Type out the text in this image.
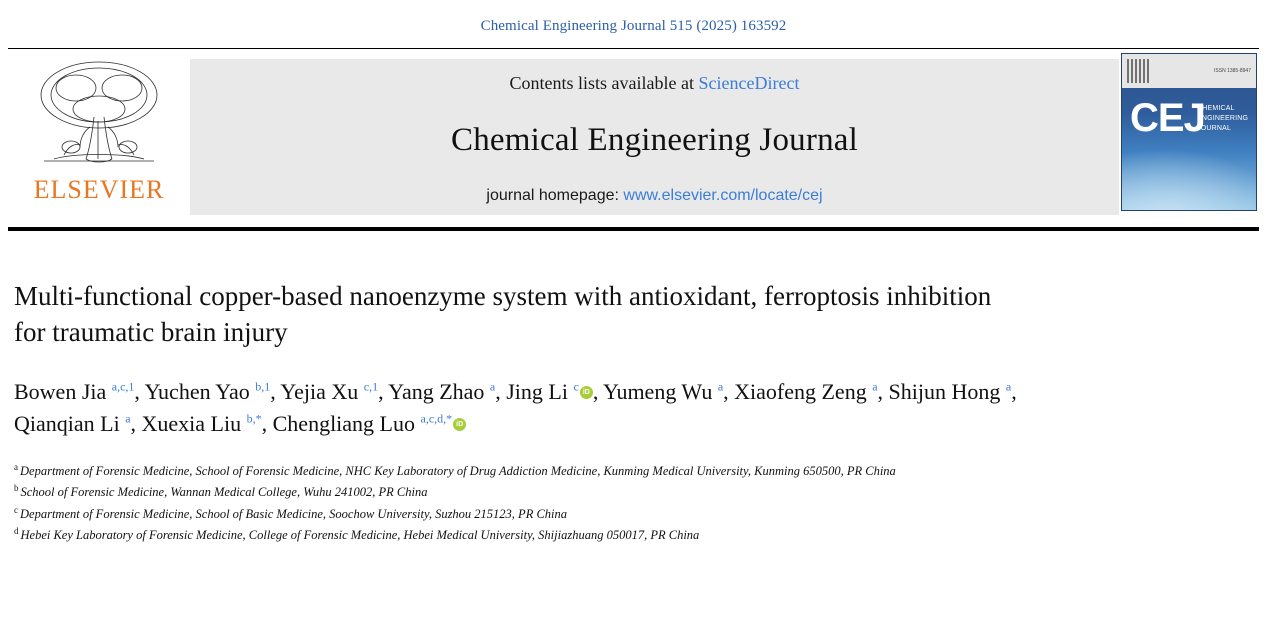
Chemical Engineering Journal 515 (2025) 163592
ELSEVIER
Contents lists available at ScienceDirect
Chemical Engineering Journal
journal homepage: www.elsevier.com/locate/cej
ISSN 1385-8947
CEJ
CHEMICAL ENGINEERING JOURNAL
Multi-functional copper-based nanoenzyme system with antioxidant, ferroptosis inhibition for traumatic brain injury
Bowen Jia $^{a,c,1}$, Yuchen Yao $^{b,1}$, Yejia Xu $^{c,1}$, Yang Zhao $^a$, Jing Li $^c$ iD , Yumeng Wu $^a$, Xiaofeng Zeng $^a$, Shijun Hong $^a$, Qianqian Li $^a$, Xuexia Liu $^{b,*}$, Chengliang Luo $^{a,c,d,*}$ iD
$^a$ Department of Forensic Medicine, School of Forensic Medicine, NHC Key Laboratory of Drug Addiction Medicine, Kunming Medical University, Kunming 650500, PR China
$^b$ School of Forensic Medicine, Wannan Medical College, Wuhu 241002, PR China
$^c$ Department of Forensic Medicine, School of Basic Medicine, Soochow University, Suzhou 215123, PR China
$^d$ Hebei Key Laboratory of Forensic Medicine, College of Forensic Medicine, Hebei Medical University, Shijiazhuang 050017, PR China
